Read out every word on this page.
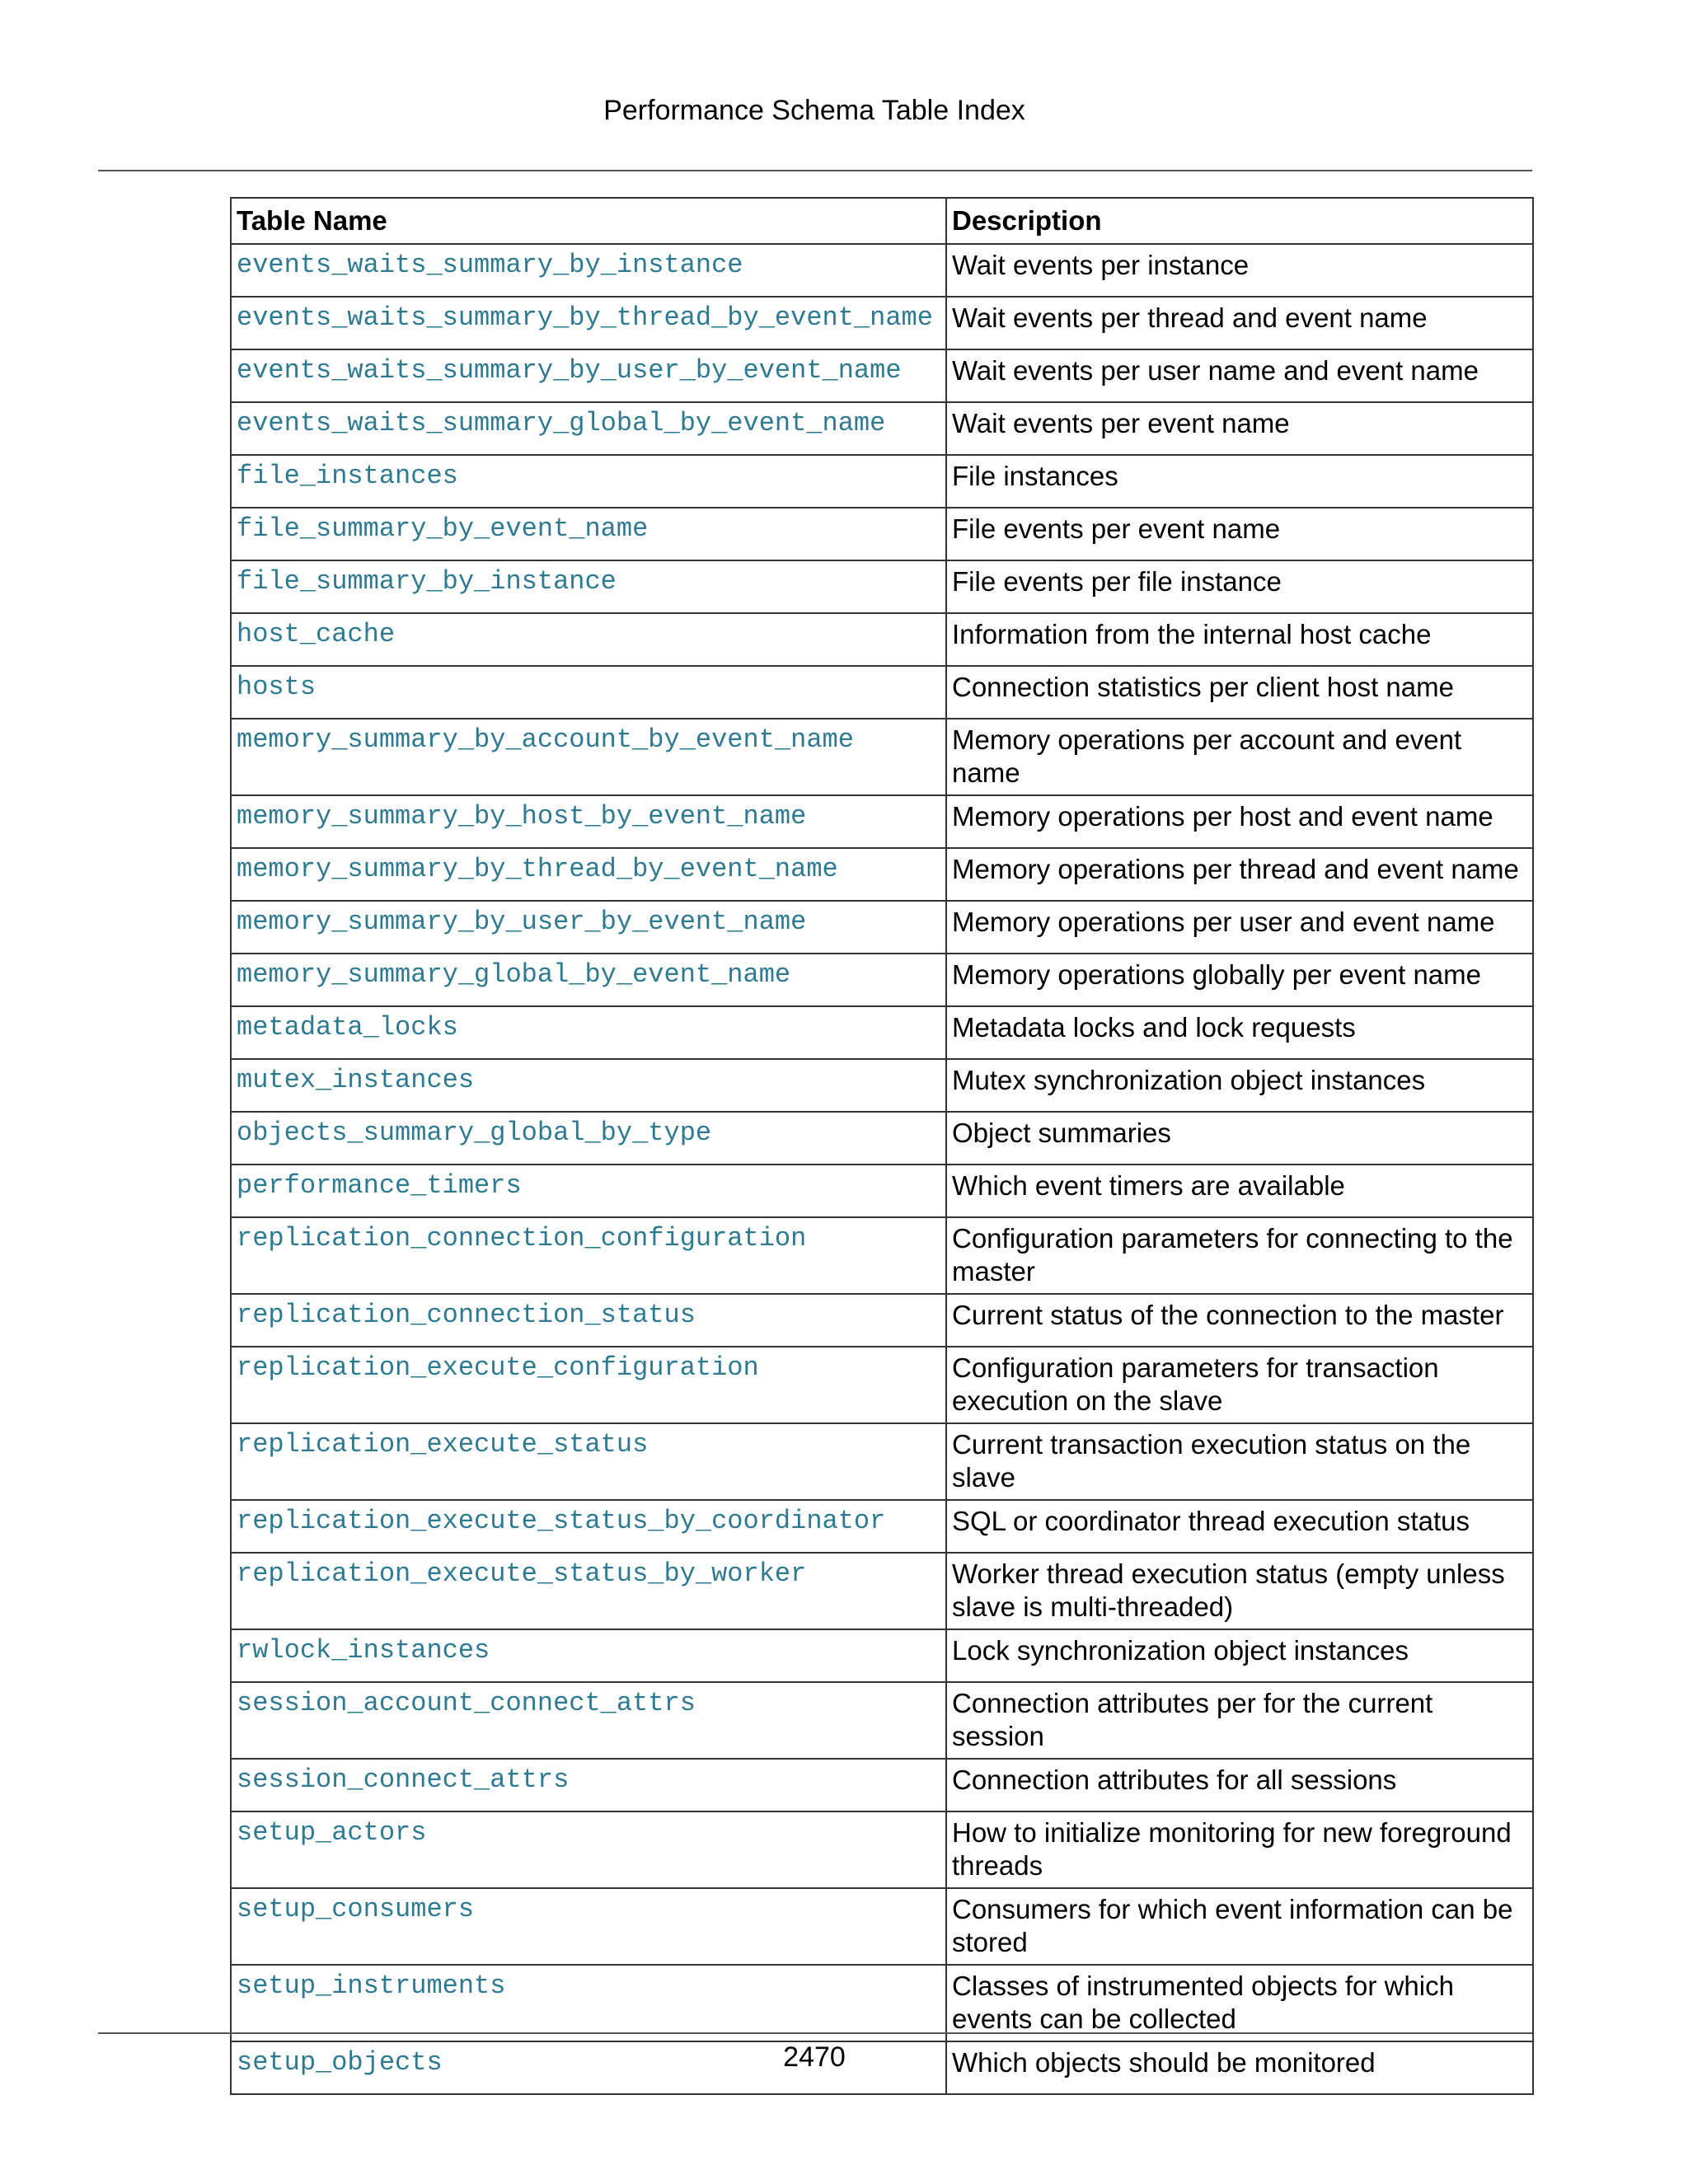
Performance Schema Table Index
Table Name	Description
events_waits_summary_by_instance	Wait events per instance
events_waits_summary_by_thread_by_event_name	Wait events per thread and event name
events_waits_summary_by_user_by_event_name	Wait events per user name and event name
events_waits_summary_global_by_event_name	Wait events per event name
file_instances	File instances
file_summary_by_event_name	File events per event name
file_summary_by_instance	File events per file instance
host_cache	Information from the internal host cache
hosts	Connection statistics per client host name
memory_summary_by_account_by_event_name	Memory operations per account and event name
memory_summary_by_host_by_event_name	Memory operations per host and event name
memory_summary_by_thread_by_event_name	Memory operations per thread and event name
memory_summary_by_user_by_event_name	Memory operations per user and event name
memory_summary_global_by_event_name	Memory operations globally per event name
metadata_locks	Metadata locks and lock requests
mutex_instances	Mutex synchronization object instances
objects_summary_global_by_type	Object summaries
performance_timers	Which event timers are available
replication_connection_configuration	Configuration parameters for connecting to the master
replication_connection_status	Current status of the connection to the master
replication_execute_configuration	Configuration parameters for transaction execution on the slave
replication_execute_status	Current transaction execution status on the slave
replication_execute_status_by_coordinator	SQL or coordinator thread execution status
replication_execute_status_by_worker	Worker thread execution status (empty unless slave is multi-threaded)
rwlock_instances	Lock synchronization object instances
session_account_connect_attrs	Connection attributes per for the current session
session_connect_attrs	Connection attributes for all sessions
setup_actors	How to initialize monitoring for new foreground threads
setup_consumers	Consumers for which event information can be stored
setup_instruments	Classes of instrumented objects for which events can be collected
setup_objects	Which objects should be monitored
2470
